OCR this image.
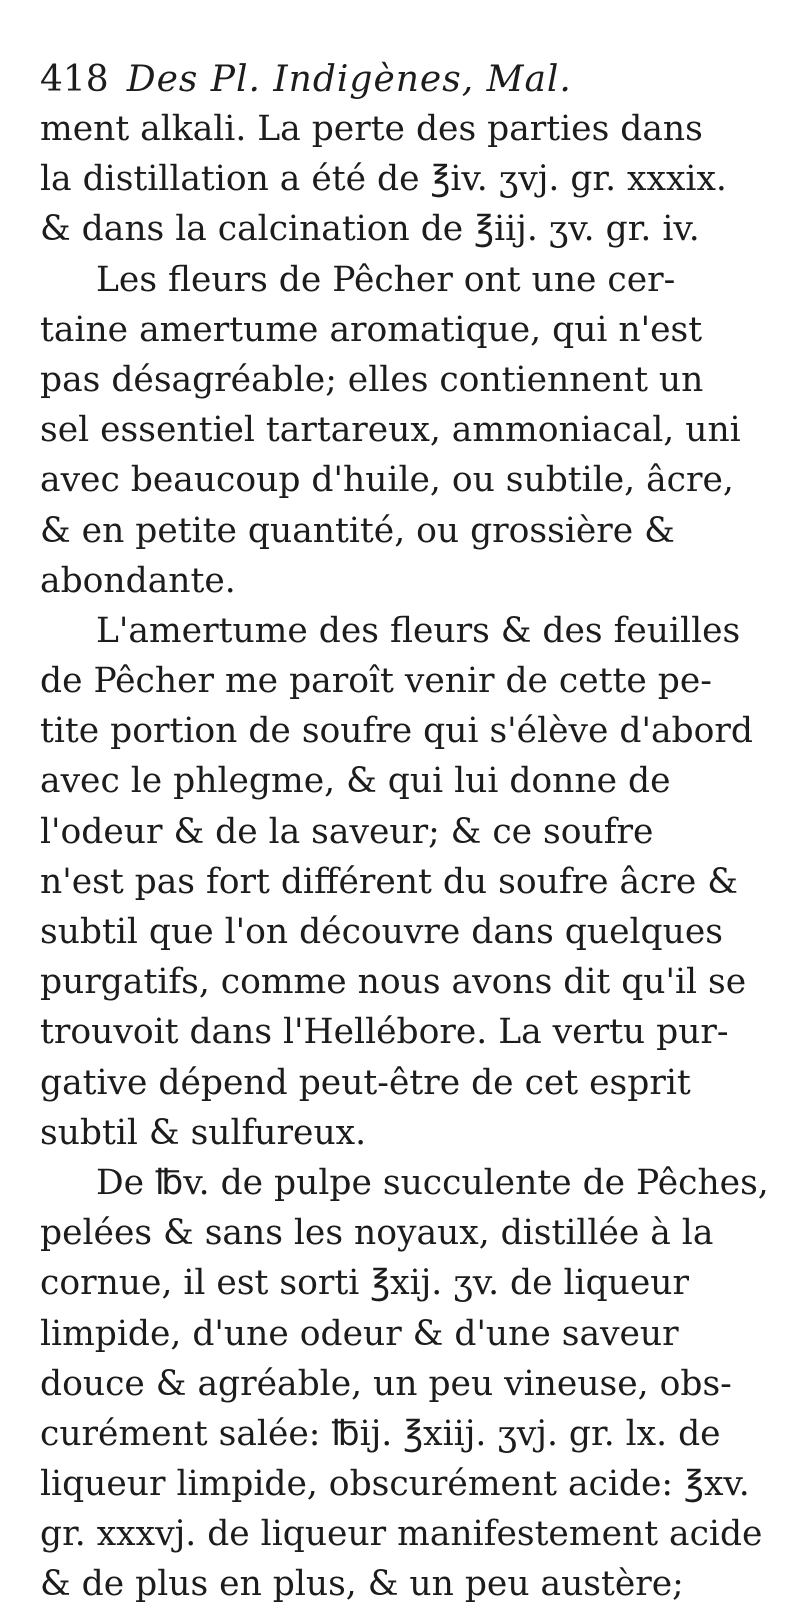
418 Des Pl. Indigènes, Mal.
ment alkali. La perte des parties dans
la distillation a été de ℥iv. ʒvj. gr. xxxix.
& dans la calcination de ℥iij. ʒv. gr. iv.
Les fleurs de Pêcher ont une cer-
taine amertume aromatique, qui n'est
pas désagréable; elles contiennent un
sel essentiel tartareux, ammoniacal, uni
avec beaucoup d'huile, ou subtile, âcre,
& en petite quantité, ou grossière &
abondante.
L'amertume des fleurs & des feuilles
de Pêcher me paroît venir de cette pe-
tite portion de soufre qui s'élève d'abord
avec le phlegme, & qui lui donne de
l'odeur & de la saveur; & ce soufre
n'est pas fort différent du soufre âcre &
subtil que l'on découvre dans quelques
purgatifs, comme nous avons dit qu'il se
trouvoit dans l'Hellébore. La vertu pur-
gative dépend peut-être de cet esprit
subtil & sulfureux.
De ℔v. de pulpe succulente de Pêches,
pelées & sans les noyaux, distillée à la
cornue, il est sorti ℥xij. ʒv. de liqueur
limpide, d'une odeur & d'une saveur
douce & agréable, un peu vineuse, obs-
curément salée: ℔ij. ℥xiij. ʒvj. gr. lx. de
liqueur limpide, obscurément acide: ℥xv.
gr. xxxvj. de liqueur manifestement acide
& de plus en plus, & un peu austère;
